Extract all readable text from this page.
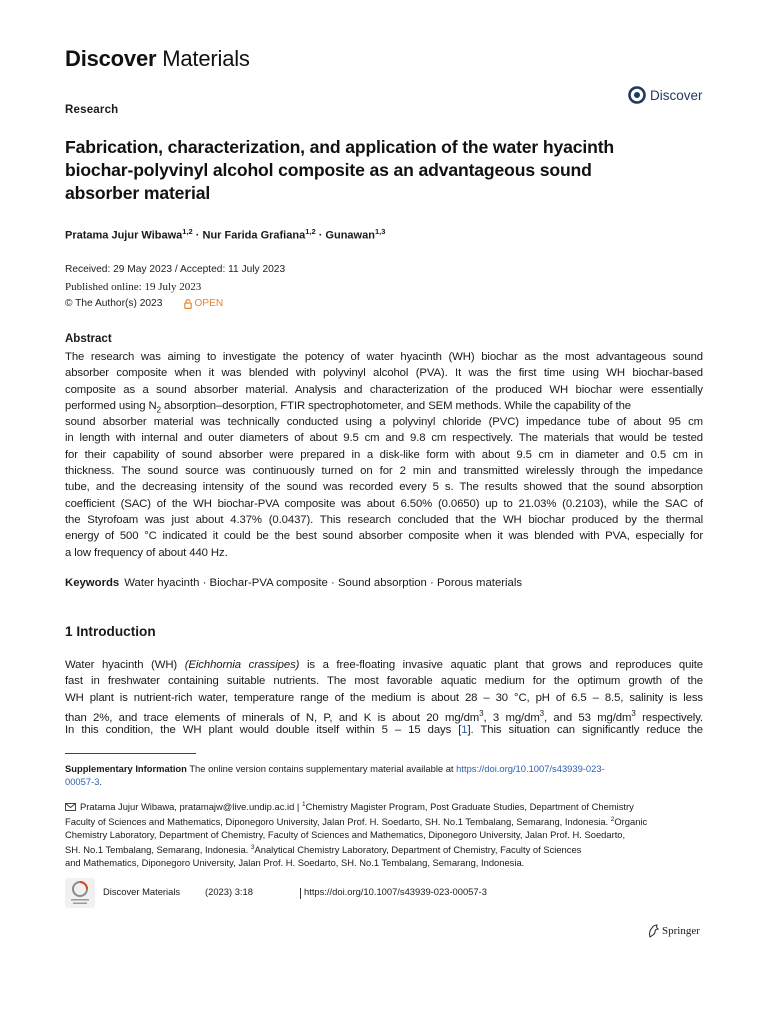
Discover Materials
Research
Discover
Fabrication, characterization, and application of the water hyacinth
biochar-polyvinyl alcohol composite as an advantageous sound
absorber material
Pratama Jujur Wibawa$^{1,2}$ · Nur Farida Grafiana$^{1,2}$ · Gunawan$^{1,3}$
Received: 29 May 2023 / Accepted: 11 July 2023
Published online: 19 July 2023
© The Author(s) 2023	OPEN
Abstract
The research was aiming to investigate the potency of water hyacinth (WH) biochar as the most advantageous sound
absorber composite when it was blended with polyvinyl alcohol (PVA). It was the first time using WH biochar-based
composite as a sound absorber material. Analysis and characterization of the produced WH biochar were essentially
performed using $N_2$ absorption–desorption, FTIR spectrophotometer, and SEM methods. While the capability of the
sound absorber material was technically conducted using a polyvinyl chloride (PVC) impedance tube of about 95 cm
in length with internal and outer diameters of about 9.5 cm and 9.8 cm respectively. The materials that would be tested
for their capability of sound absorber were prepared in a disk-like form with about 9.5 cm in diameter and 0.5 cm in
thickness. The sound source was continuously turned on for 2 min and transmitted wirelessly through the impedance
tube, and the decreasing intensity of the sound was recorded every 5 s. The results showed that the sound absorption
coefficient (SAC) of the WH biochar-PVA composite was about 6.50% (0.0650) up to 21.03% (0.2103), while the SAC of
the Styrofoam was just about 4.37% (0.0437). This research concluded that the WH biochar produced by the thermal
energy of 500 °C indicated it could be the best sound absorber composite when it was blended with PVA, especially for
a low frequency of about 440 Hz.
Keywords Water hyacinth · Biochar-PVA composite · Sound absorption · Porous materials
1 Introduction
Water hyacinth (WH) (Eichhornia crassipes) is a free-floating invasive aquatic plant that grows and reproduces quite
fast in freshwater containing suitable nutrients. The most favorable aquatic medium for the optimum growth of the
WH plant is nutrient-rich water, temperature range of the medium is about 28 – 30 °C, pH of 6.5 – 8.5, salinity is less
than 2%, and trace elements of minerals of N, P, and K is about 20 $mg/dm^3$, 3 $mg/dm^3$, and 53 $mg/dm^3$ respectively.
In this condition, the WH plant would double itself within 5 – 15 days [1]. This situation can significantly reduce the
Supplementary Information The online version contains supplementary material available at https://doi.org/10.1007/s43939-023-
00057-3.
Pratama Jujur Wibawa, pratamajw@live.undip.ac.id | $^1$Chemistry Magister Program, Post Graduate Studies, Department of Chemistry
Faculty of Sciences and Mathematics, Diponegoro University, Jalan Prof. H. Soedarto, SH. No.1 Tembalang, Semarang, Indonesia. $^2$Organic
Chemistry Laboratory, Department of Chemistry, Faculty of Sciences and Mathematics, Diponegoro University, Jalan Prof. H. Soedarto,
SH. No.1 Tembalang, Semarang, Indonesia. $^3$Analytical Chemistry Laboratory, Department of Chemistry, Faculty of Sciences
and Mathematics, Diponegoro University, Jalan Prof. H. Soedarto, SH. No.1 Tembalang, Semarang, Indonesia.
Discover Materials	(2023) 3:18	https://doi.org/10.1007/s43939-023-00057-3
Springer
